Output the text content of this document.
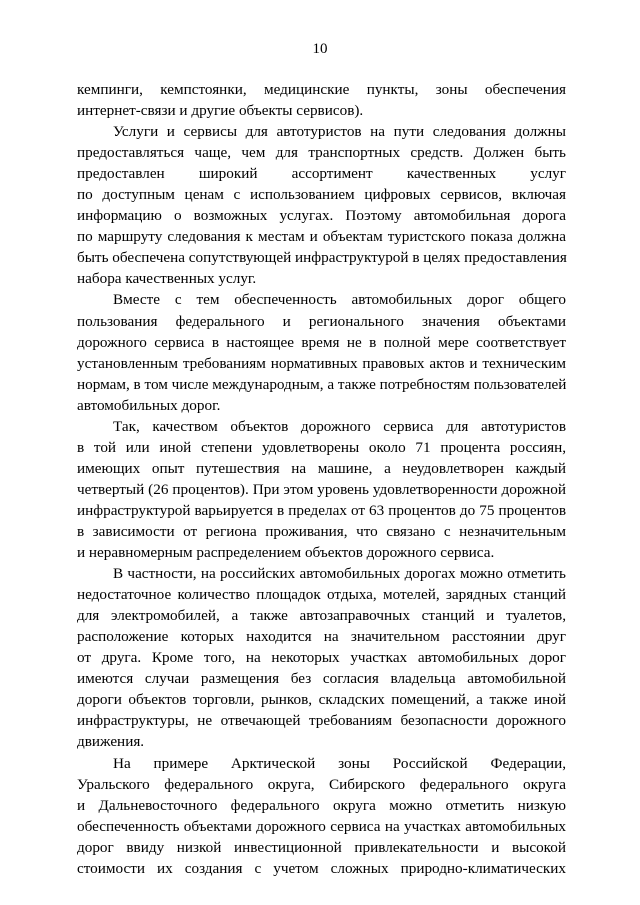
10
кемпинги, кемпстоянки, медицинские пункты, зоны обеспечения
интернет-связи и другие объекты сервисов).
Услуги и сервисы для автотуристов на пути следования должны
предоставляться чаще, чем для транспортных средств. Должен быть
предоставлен широкий ассортимент качественных услуг
по доступным ценам с использованием цифровых сервисов, включая
информацию о возможных услугах. Поэтому автомобильная дорога
по маршруту следования к местам и объектам туристского показа должна
быть обеспечена сопутствующей инфраструктурой в целях предоставления
набора качественных услуг.
Вместе с тем обеспеченность автомобильных дорог общего
пользования федерального и регионального значения объектами
дорожного сервиса в настоящее время не в полной мере соответствует
установленным требованиям нормативных правовых актов и техническим
нормам, в том числе международным, а также потребностям пользователей
автомобильных дорог.
Так, качеством объектов дорожного сервиса для автотуристов
в той или иной степени удовлетворены около 71 процента россиян,
имеющих опыт путешествия на машине, а неудовлетворен каждый
четвертый (26 процентов). При этом уровень удовлетворенности дорожной
инфраструктурой варьируется в пределах от 63 процентов до 75 процентов
в зависимости от региона проживания, что связано с незначительным
и неравномерным распределением объектов дорожного сервиса.
В частности, на российских автомобильных дорогах можно отметить
недостаточное количество площадок отдыха, мотелей, зарядных станций
для электромобилей, а также автозаправочных станций и туалетов,
расположение которых находится на значительном расстоянии друг
от друга. Кроме того, на некоторых участках автомобильных дорог
имеются случаи размещения без согласия владельца автомобильной
дороги объектов торговли, рынков, складских помещений, а также иной
инфраструктуры, не отвечающей требованиям безопасности дорожного
движения.
На примере Арктической зоны Российской Федерации,
Уральского федерального округа, Сибирского федерального округа
и Дальневосточного федерального округа можно отметить низкую
обеспеченность объектами дорожного сервиса на участках автомобильных
дорог ввиду низкой инвестиционной привлекательности и высокой
стоимости их создания с учетом сложных природно-климатических
